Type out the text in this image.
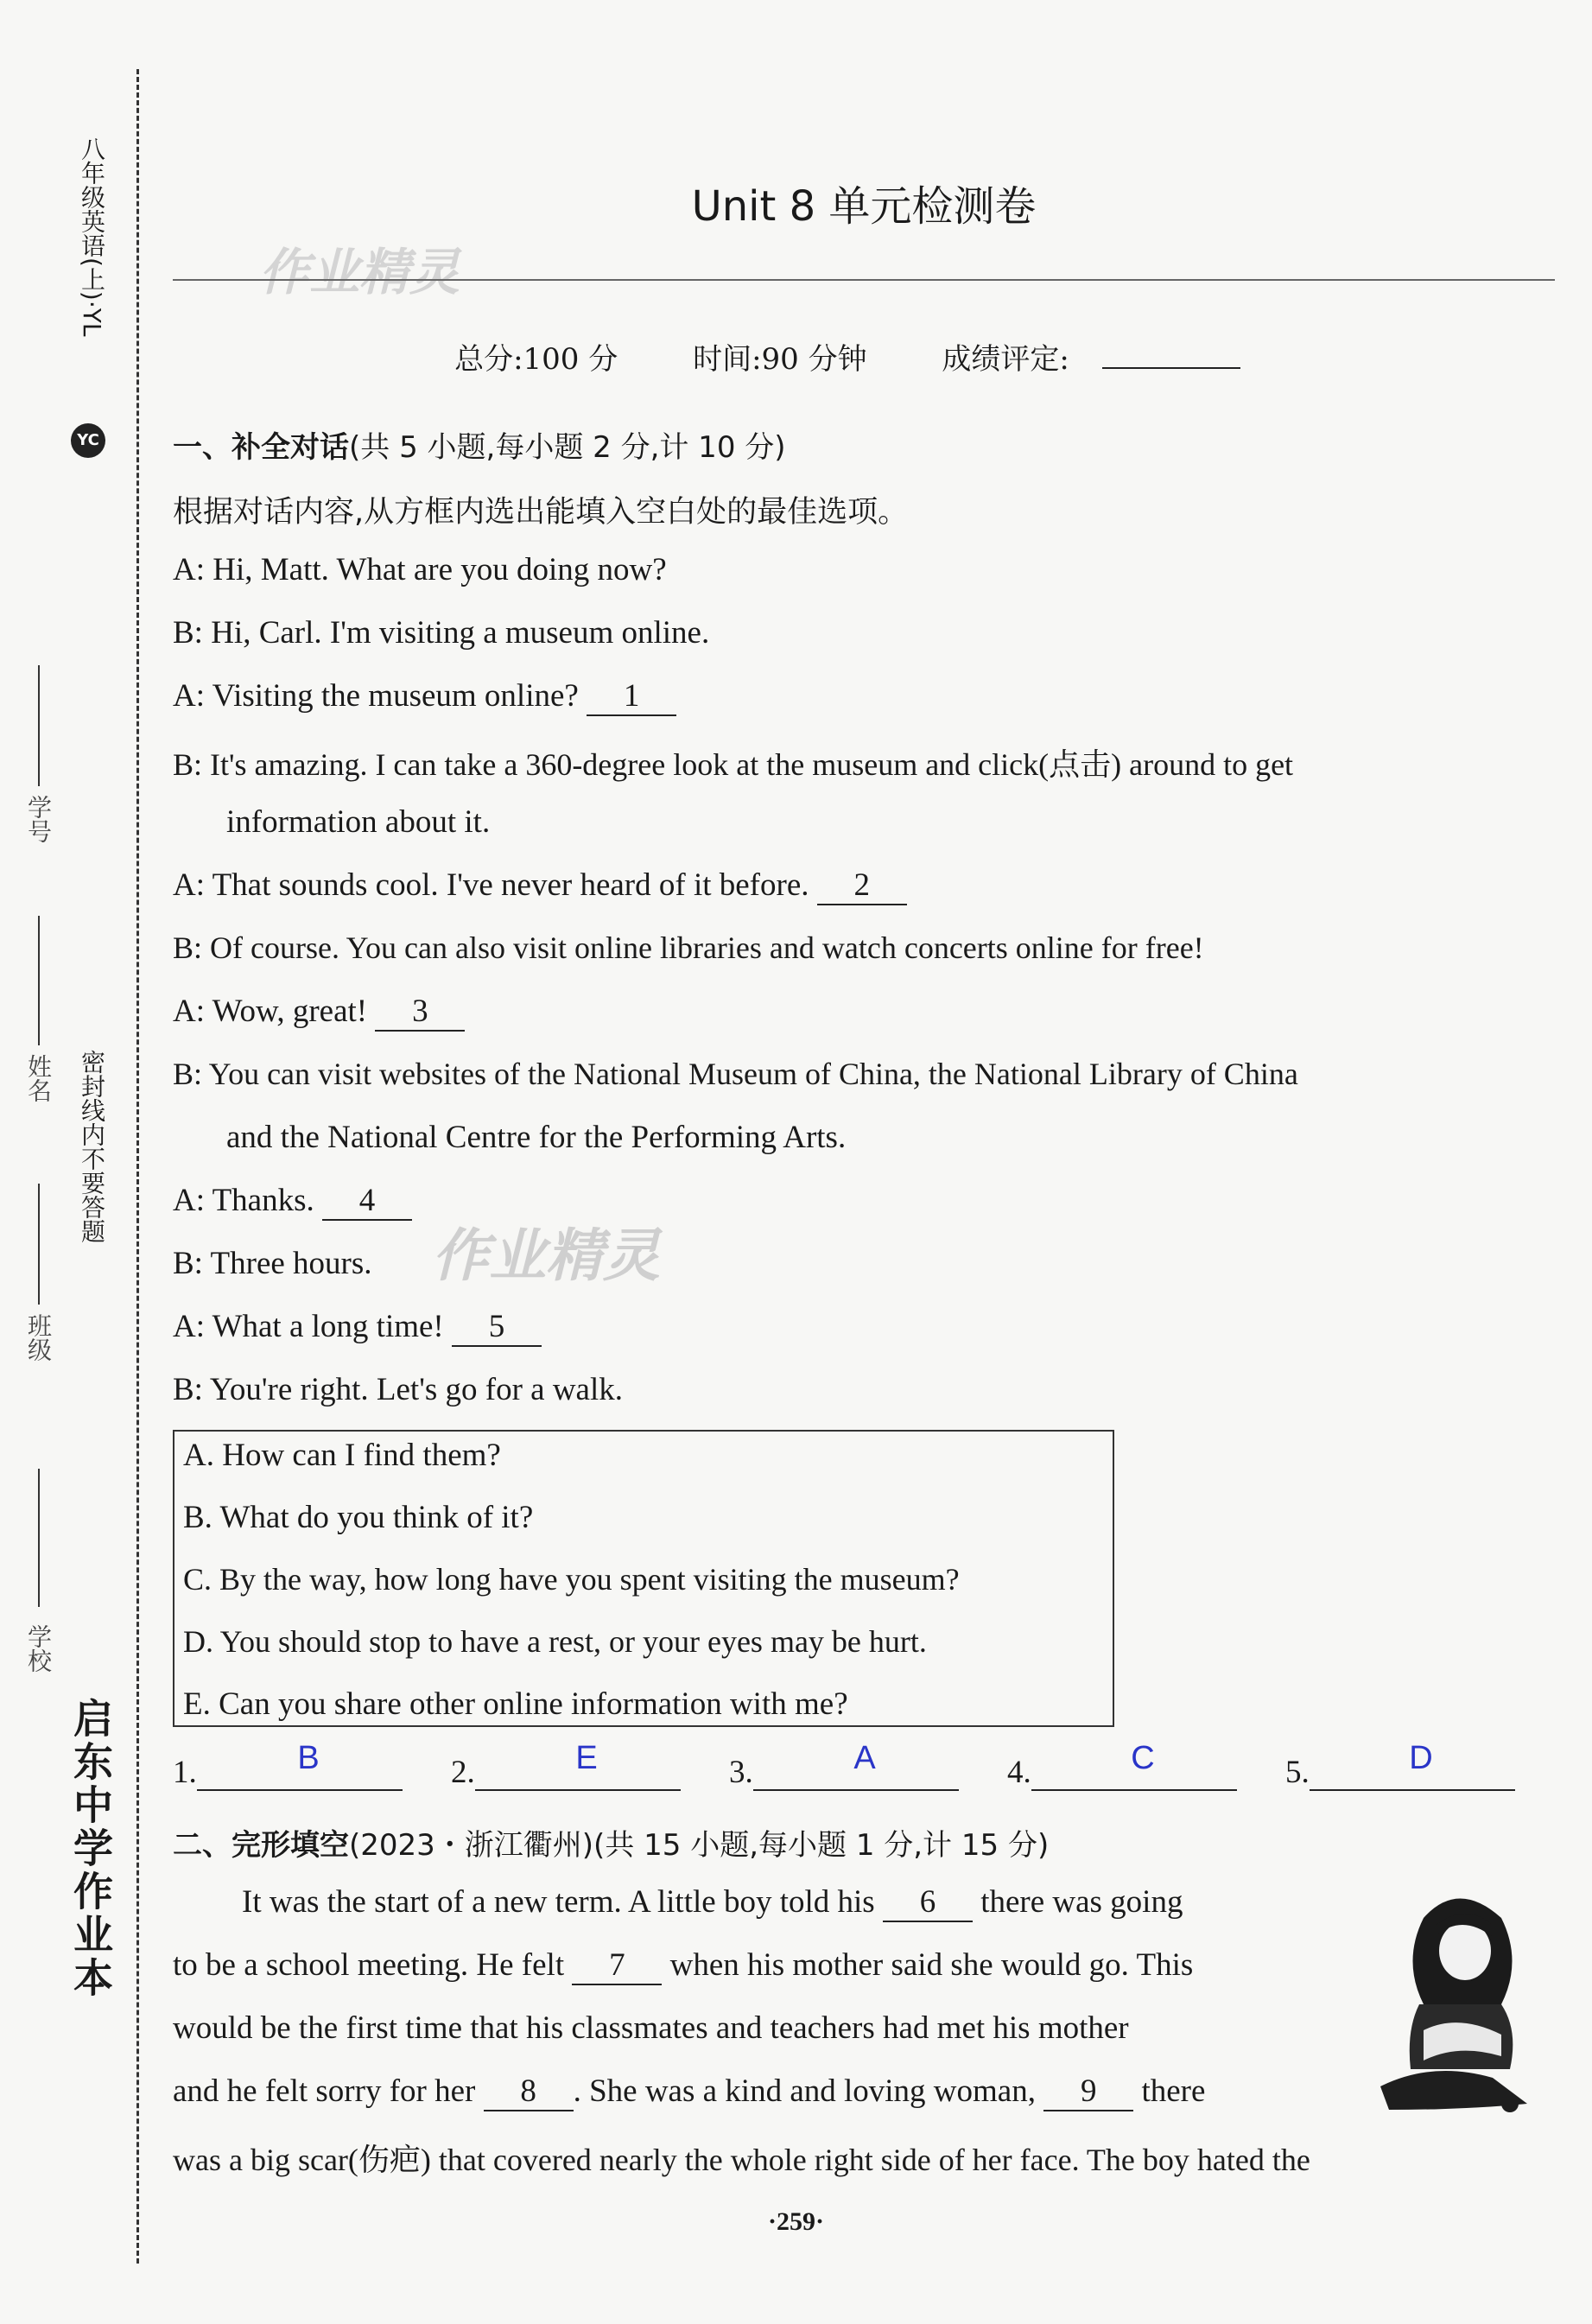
八年级英语(上)·YL
YC
启东中学作业本
密封线内不要答题
学校
班级
姓名
学号
Unit 8 单元检测卷
作业精灵
总分:100 分	时间:90 分钟	成绩评定:
一、补全对话(共 5 小题,每小题 2 分,计 10 分)
根据对话内容,从方框内选出能填入空白处的最佳选项。
A: Hi, Matt. What are you doing now?
B: Hi, Carl. I'm visiting a museum online.
A: Visiting the museum online? 1
B: It's amazing. I can take a 360-degree look at the museum and click(点击) around to get
information about it.
A: That sounds cool. I've never heard of it before. 2
B: Of course. You can also visit online libraries and watch concerts online for free!
A: Wow, great! 3
B: You can visit websites of the National Museum of China, the National Library of China
and the National Centre for the Performing Arts.
A: Thanks. 4
作业精灵
B: Three hours.
A: What a long time! 5
B: You're right. Let's go for a walk.
A. How can I find them?
B. What do you think of it?
C. By the way, how long have you spent visiting the museum?
D. You should stop to have a rest, or your eyes may be hurt.
E. Can you share other online information with me?
1.	B	2.	E	3.	A	4.	C	5.	D
二、完形填空(2023・浙江衢州)(共 15 小题,每小题 1 分,计 15 分)
It was the start of a new term. A little boy told his 6 there was going
to be a school meeting. He felt 7 when his mother said she would go. This
would be the first time that his classmates and teachers had met his mother
and he felt sorry for her 8 . She was a kind and loving woman, 9 there
was a big scar(伤疤) that covered nearly the whole right side of her face. The boy hated the
·259·
